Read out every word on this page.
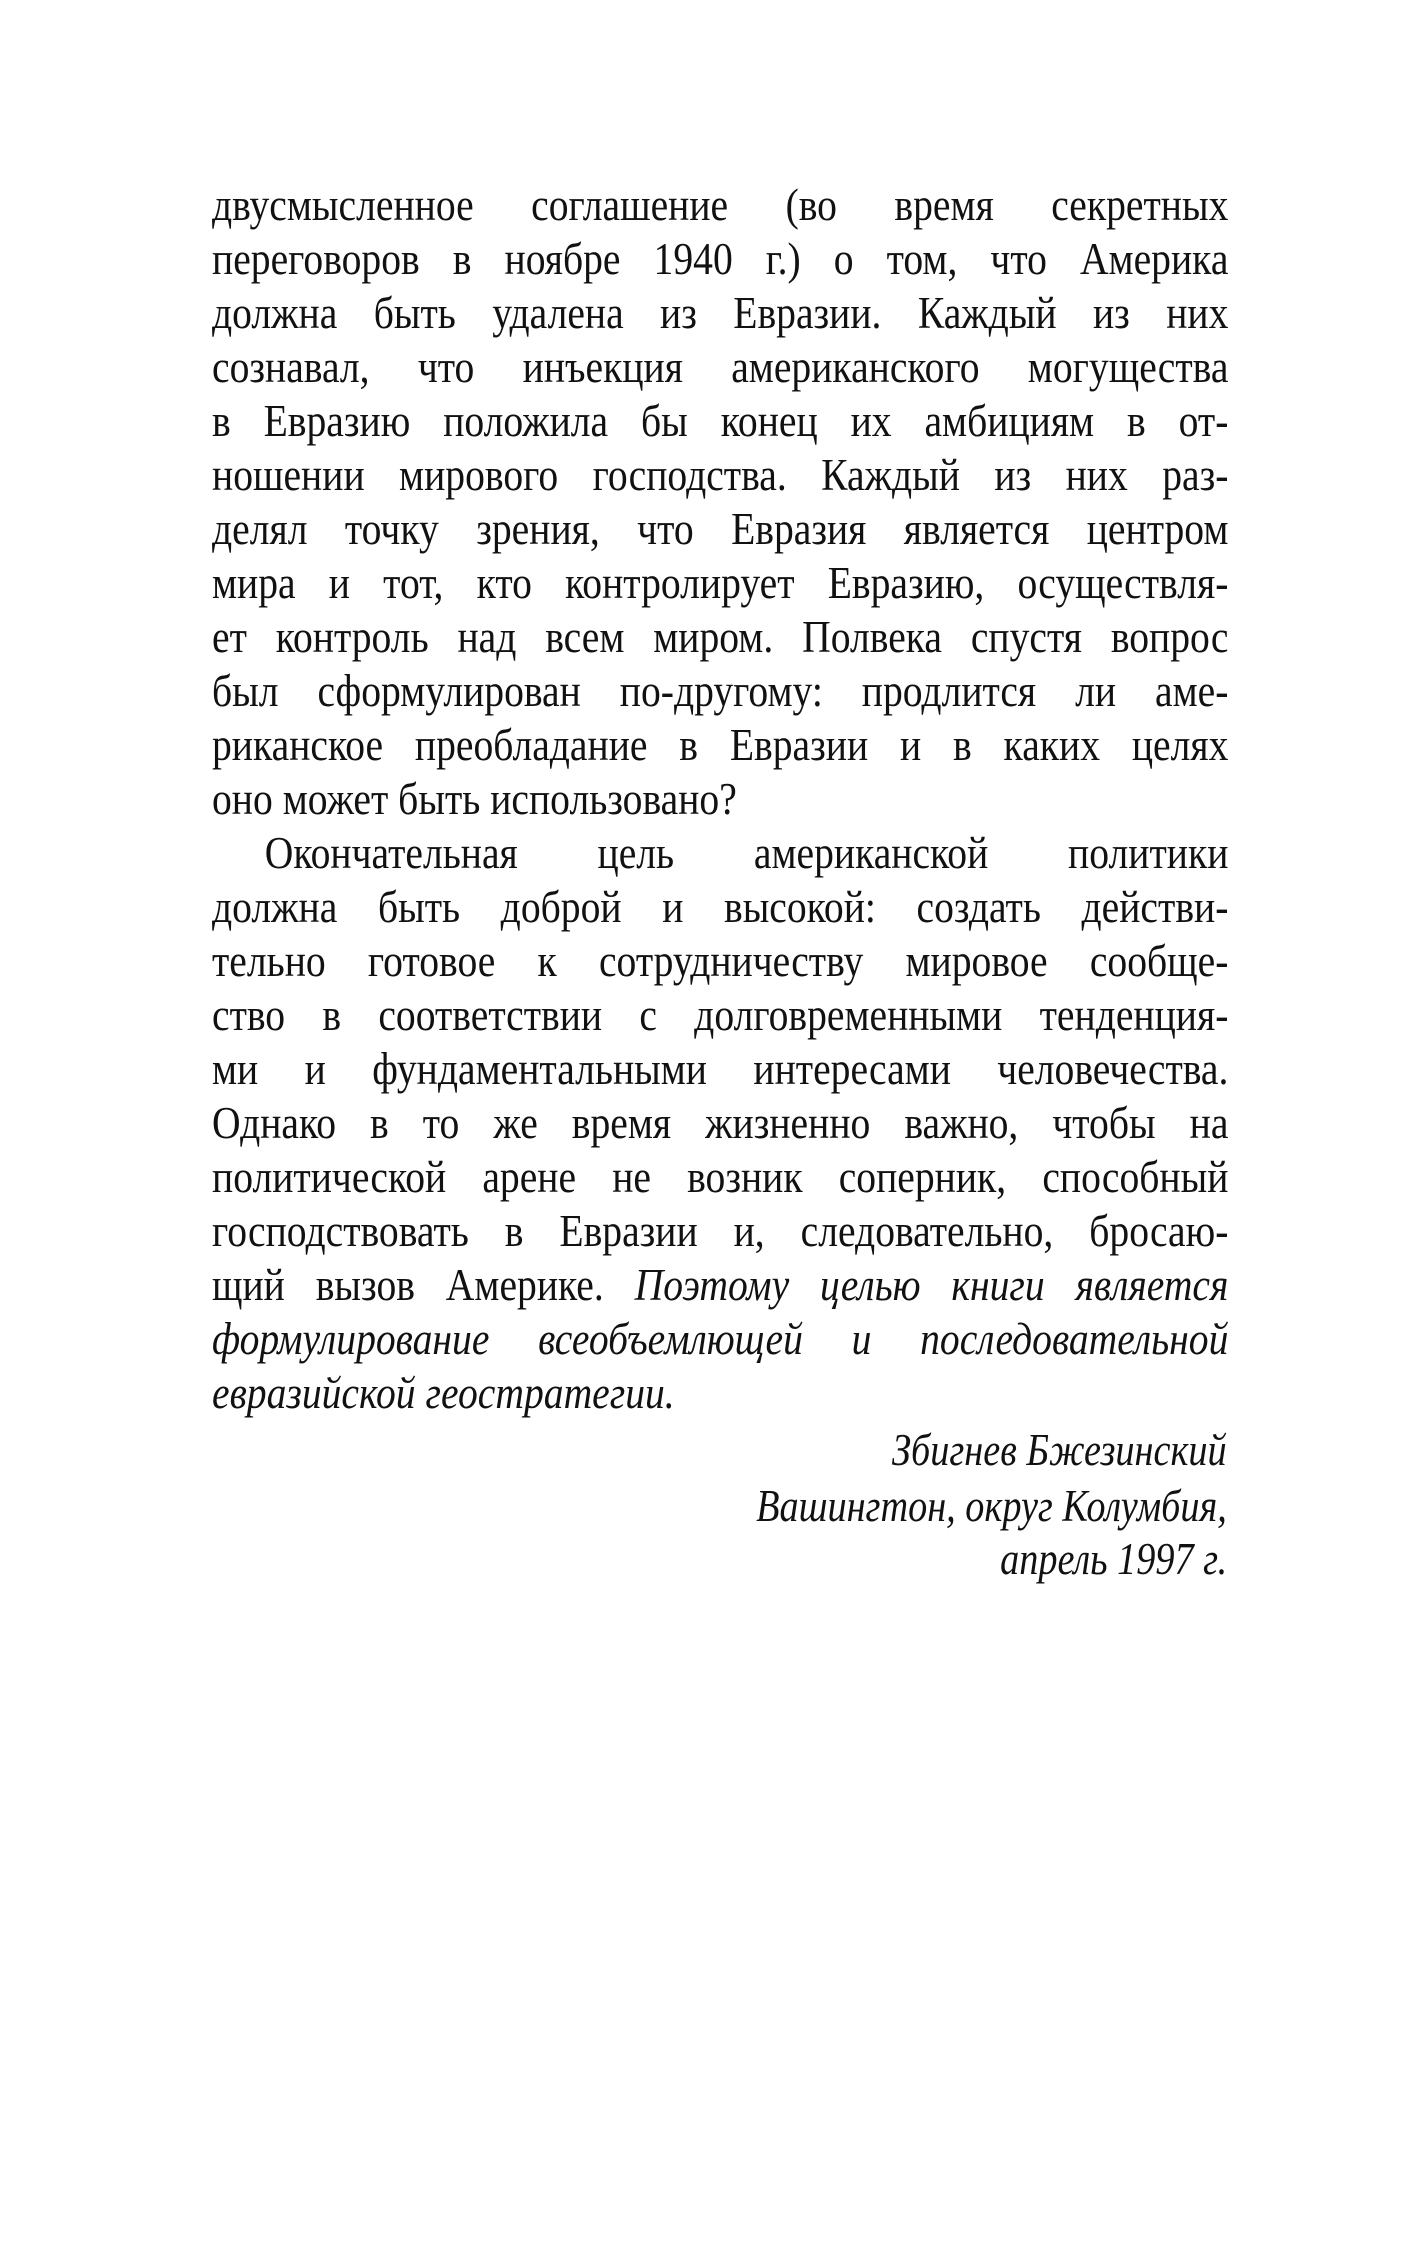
двусмысленное соглашение (во время секретных
переговоров в ноябре 1940 г.) о том, что Америка
должна быть удалена из Евразии. Каждый из них
сознавал, что инъекция американского могущества
в Евразию положила бы конец их амбициям в от-
ношении мирового господства. Каждый из них раз-
делял точку зрения, что Евразия является центром
мира и тот, кто контролирует Евразию, осуществля-
ет контроль над всем миром. Полвека спустя вопрос
был сформулирован по-другому: продлится ли аме-
риканское преобладание в Евразии и в каких целях
оно может быть использовано?
Окончательная цель американской политики
должна быть доброй и высокой: создать действи-
тельно готовое к сотрудничеству мировое сообще-
ство в соответствии с долговременными тенденция-
ми и фундаментальными интересами человечества.
Однако в то же время жизненно важно, чтобы на
политической арене не возник соперник, способный
господствовать в Евразии и, следовательно, бросаю-
щий вызов Америке. Поэтому целью книги является
формулирование всеобъемлющей и последовательной
евразийской геостратегии.
Збигнев Бжезинский
Вашингтон, округ Колумбия,
апрель 1997 г.
